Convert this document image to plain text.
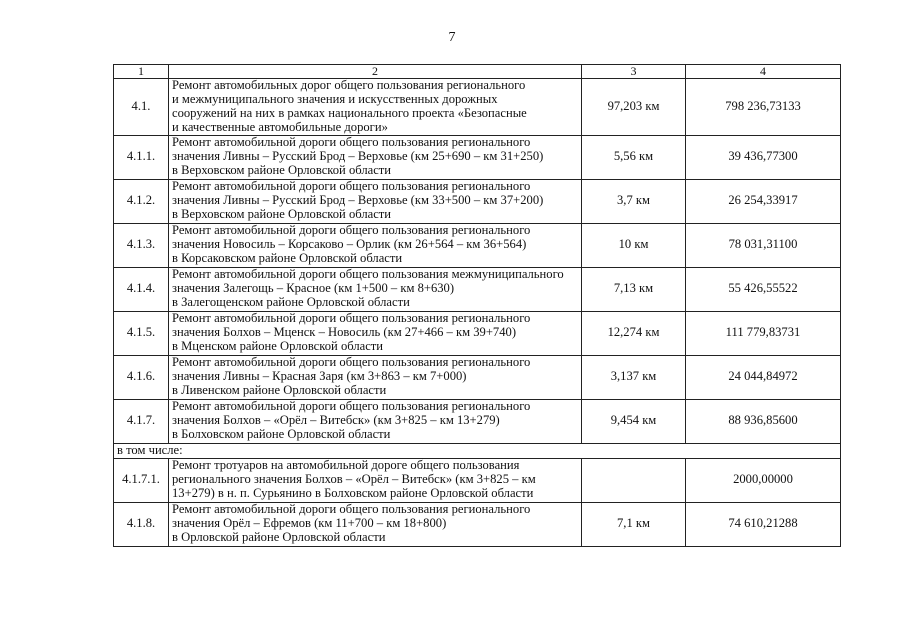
7
1	2	3	4
4.1.	Ремонт автомобильных дорог общего пользования регионального
и межмуниципального значения и искусственных дорожных
сооружений на них в рамках национального проекта «Безопасные
и качественные автомобильные дороги»	97,203 км	798 236,73133
4.1.1.	Ремонт автомобильной дороги общего пользования регионального
значения Ливны – Русский Брод – Верховье (км 25+690 – км 31+250)
в Верховском районе Орловской области	5,56 км	39 436,77300
4.1.2.	Ремонт автомобильной дороги общего пользования регионального
значения Ливны – Русский Брод – Верховье (км 33+500 – км 37+200)
в Верховском районе Орловской области	3,7 км	26 254,33917
4.1.3.	Ремонт автомобильной дороги общего пользования регионального
значения Новосиль – Корсаково – Орлик (км 26+564 – км 36+564)
в Корсаковском районе Орловской области	10 км	78 031,31100
4.1.4.	Ремонт автомобильной дороги общего пользования межмуниципального
значения Залегощь – Красное (км 1+500 – км 8+630)
в Залегощенском районе Орловской области	7,13 км	55 426,55522
4.1.5.	Ремонт автомобильной дороги общего пользования регионального
значения Болхов – Мценск – Новосиль (км 27+466 – км 39+740)
в Мценском районе Орловской области	12,274 км	111 779,83731
4.1.6.	Ремонт автомобильной дороги общего пользования регионального
значения Ливны – Красная Заря (км 3+863 – км 7+000)
в Ливенском районе Орловской области	3,137 км	24 044,84972
4.1.7.	Ремонт автомобильной дороги общего пользования регионального
значения Болхов – «Орёл – Витебск» (км 3+825 – км 13+279)
в Болховском районе Орловской области	9,454 км	88 936,85600
в том числе:			
4.1.7.1.	Ремонт тротуаров на автомобильной дороге общего пользования
регионального значения Болхов – «Орёл – Витебск» (км 3+825 – км
13+279) в н. п. Сурьянино в Болховском районе Орловской области		2000,00000
4.1.8.	Ремонт автомобильной дороги общего пользования регионального
значения Орёл – Ефремов (км 11+700 – км 18+800)
в Орловской районе Орловской области	7,1 км	74 610,21288
